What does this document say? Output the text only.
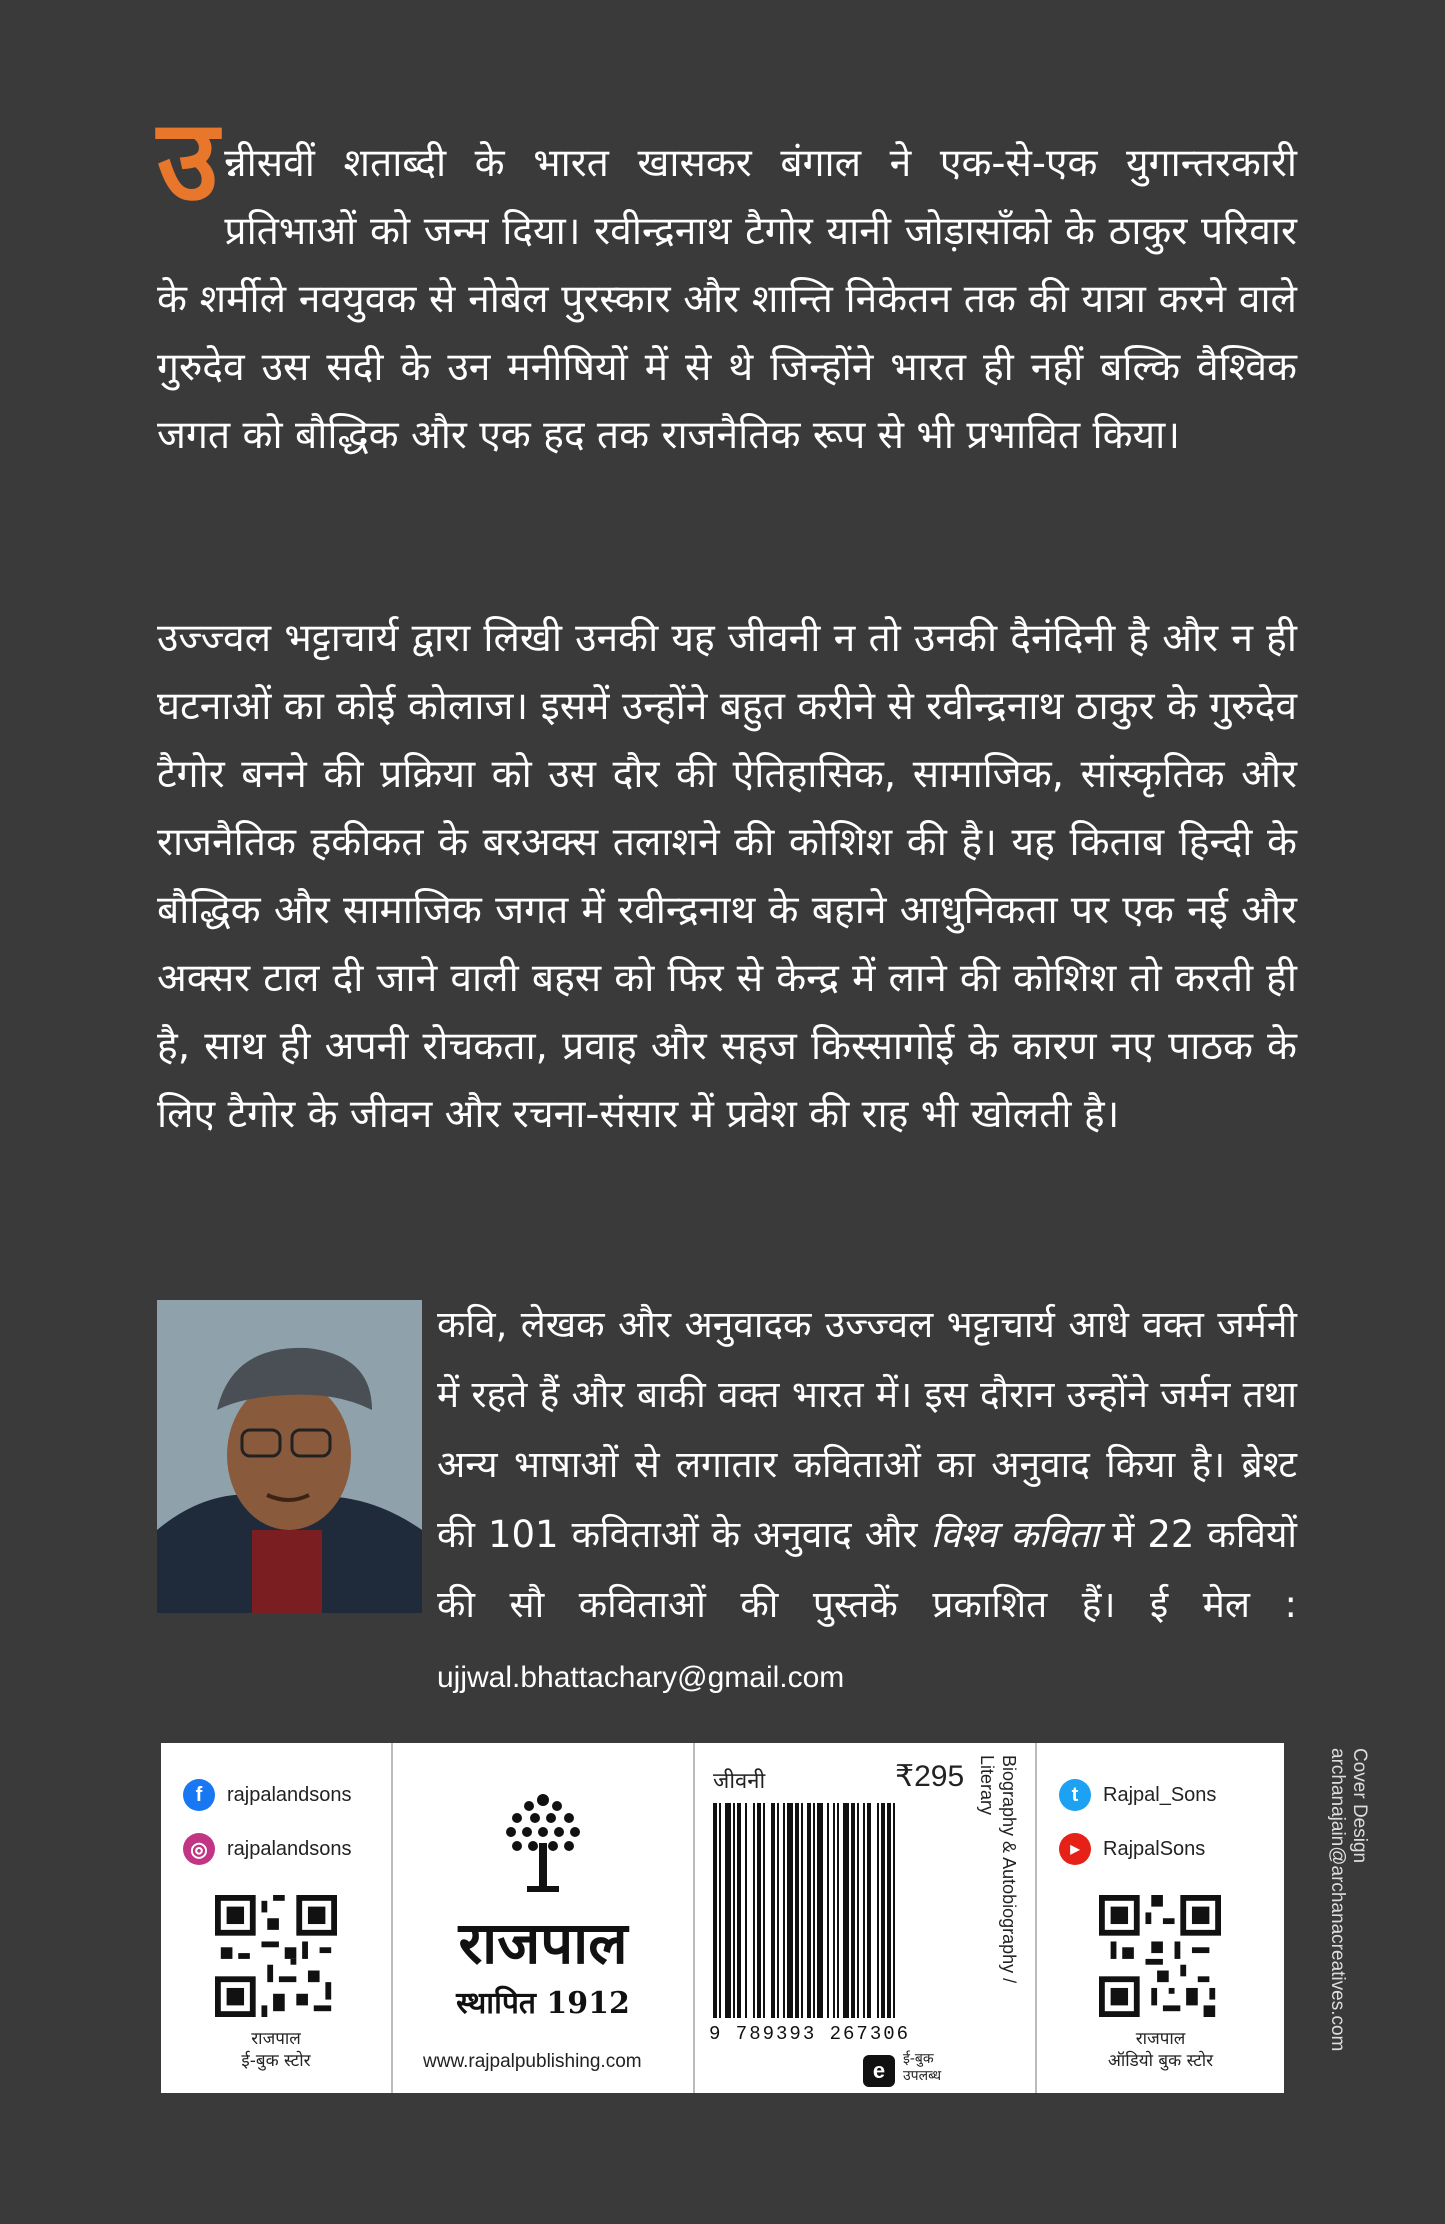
उन्नीसवीं शताब्दी के भारत खासकर बंगाल ने एक-से-एक युगान्तरकारी प्रतिभाओं को जन्म दिया। रवीन्द्रनाथ टैगोर यानी जोड़ासाँको के ठाकुर परिवार के शर्मीले नवयुवक से नोबेल पुरस्कार और शान्ति निकेतन तक की यात्रा करने वाले गुरुदेव उस सदी के उन मनीषियों में से थे जिन्होंने भारत ही नहीं बल्कि वैश्विक जगत को बौद्धिक और एक हद तक राजनैतिक रूप से भी प्रभावित किया।

उज्ज्वल भट्टाचार्य द्वारा लिखी उनकी यह जीवनी न तो उनकी दैनंदिनी है और न ही घटनाओं का कोई कोलाज। इसमें उन्होंने बहुत करीने से रवीन्द्रनाथ ठाकुर के गुरुदेव टैगोर बनने की प्रक्रिया को उस दौर की ऐतिहासिक, सामाजिक, सांस्कृतिक और राजनैतिक हकीकत के बरअक्स तलाशने की कोशिश की है। यह किताब हिन्दी के बौद्धिक और सामाजिक जगत में रवीन्द्रनाथ के बहाने आधुनिकता पर एक नई और अक्सर टाल दी जाने वाली बहस को फिर से केन्द्र में लाने की कोशिश तो करती ही है, साथ ही अपनी रोचकता, प्रवाह और सहज किस्सागोई के कारण नए पाठक के लिए टैगोर के जीवन और रचना-संसार में प्रवेश की राह भी खोलती है।

कवि, लेखक और अनुवादक उज्ज्वल भट्टाचार्य आधे वक्त जर्मनी में रहते हैं और बाकी वक्त भारत में। इस दौरान उन्होंने जर्मन तथा अन्य भाषाओं से लगातार कविताओं का अनुवाद किया है। ब्रेश्ट की 101 कविताओं के अनुवाद और विश्व कविता में 22 कवियों की सौ कविताओं की पुस्तकें प्रकाशित हैं। ई मेल : ujjwal.bhattachary@gmail.com

f	rajpalandsons
◎ rajpalandsons
राजपाल
ई-बुक स्टोर
राजपाल
स्थापित 1912
www.rajpalpublishing.com
जीवनी	₹295
9 789393 267306
e	ई-बुक
उपलब्ध
Biography & Autobiography /
Literary	t	Rajpal_Sons
▶	RajpalSons
राजपाल
ऑडियो बुक स्टोर
Cover Design
archanajain@archanacreatives.com
